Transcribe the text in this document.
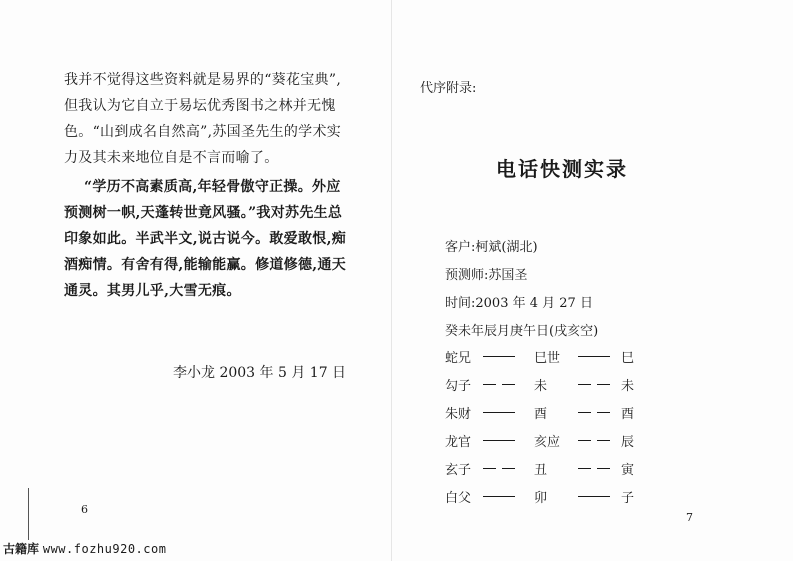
我并不觉得这些资料就是易界的“葵花宝典”,
但我认为它自立于易坛优秀图书之林并无愧
色。“山到成名自然高”,苏国圣先生的学术实
力及其未来地位自是不言而喻了。
“学历不高素质高,年轻骨傲守正操。外应
预测树一帜,天蓬转世竟风骚。”我对苏先生总
印象如此。半武半文,说古说今。敢爱敢恨,痴
酒痴情。有舍有得,能输能赢。修道修德,通天
通灵。其男儿乎,大雪无痕。
李小龙 2003 年 5 月 17 日
6
代序附录:
电话快测实录
客户:柯斌(湖北)
预测师:苏国圣
时间:2003 年 4 月 27 日
癸未年辰月庚午日(戌亥空)
蛇兄	巳世	巳
勾子	未	未
朱财	酉	酉
龙官	亥应	辰
玄子	丑	寅
白父	卯	子
7
古籍库 www.fozhu920.com
